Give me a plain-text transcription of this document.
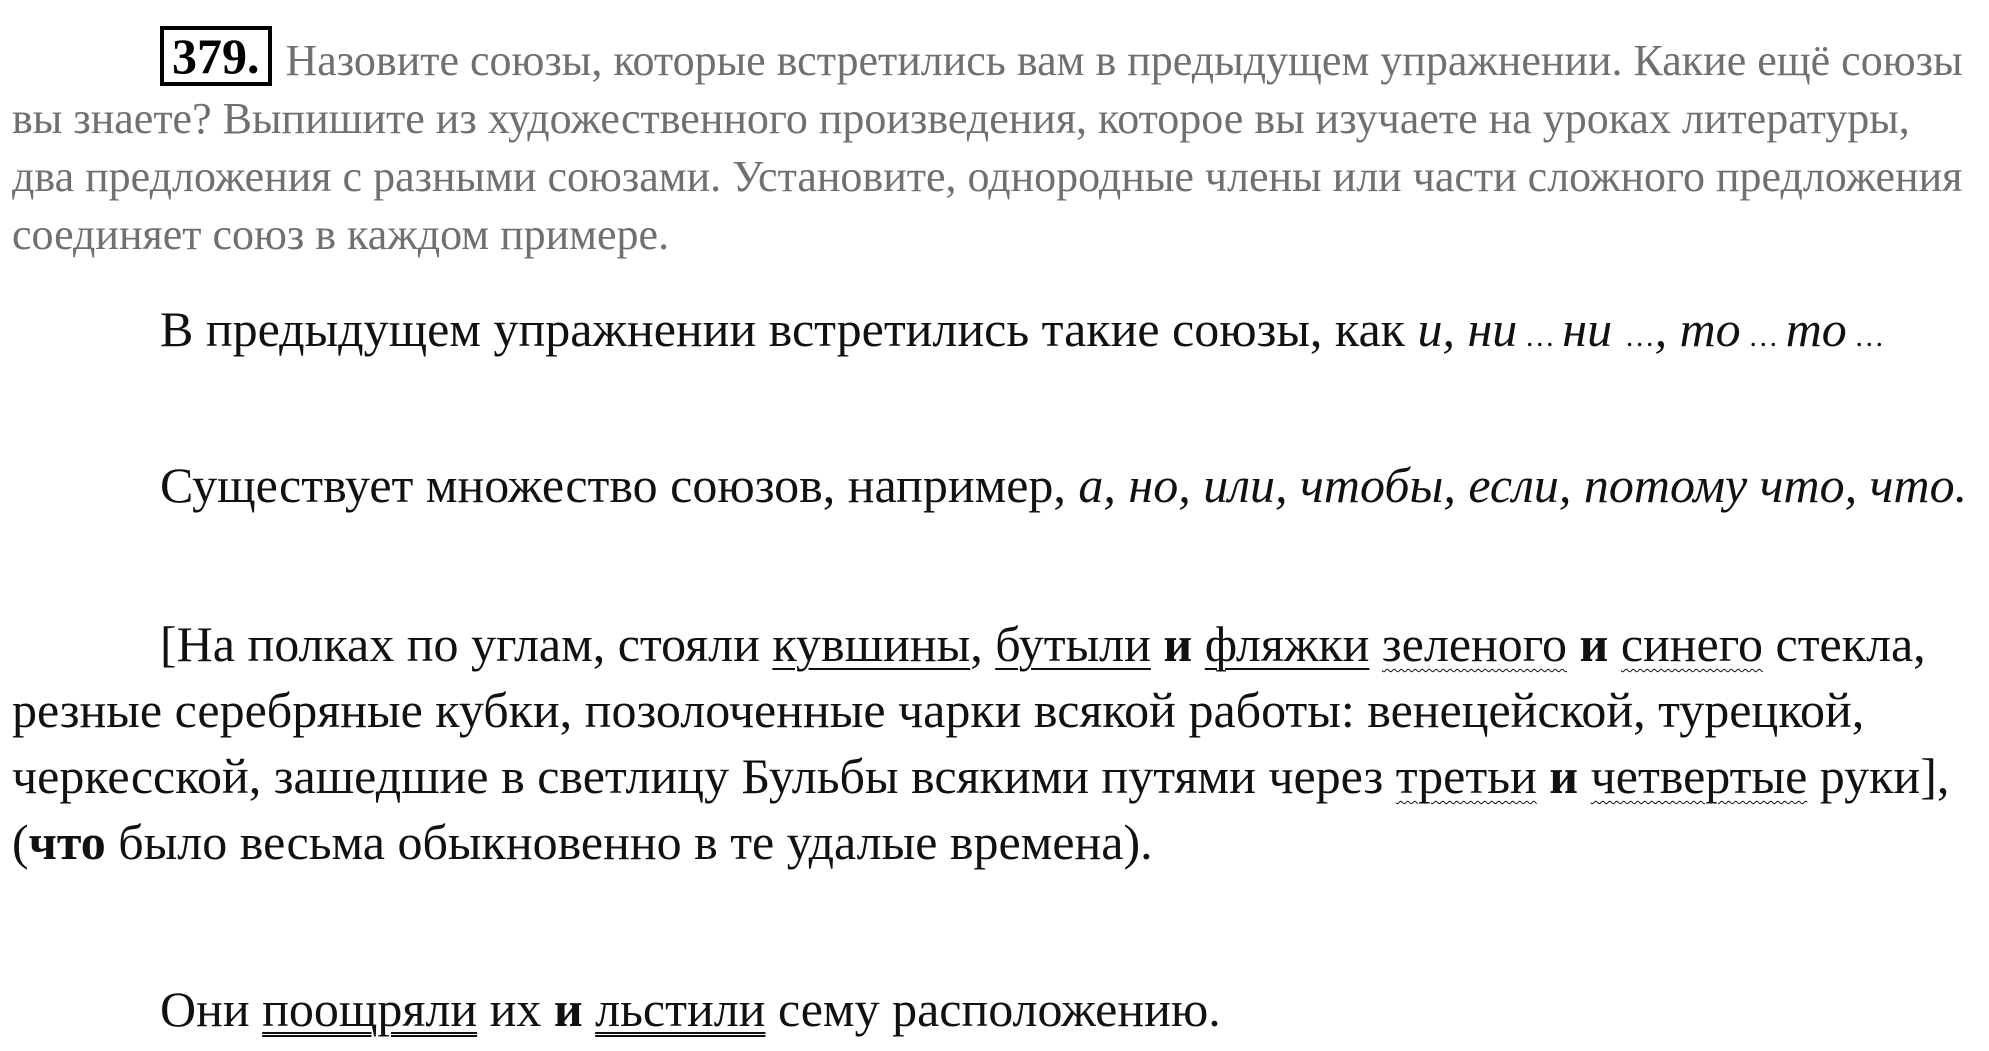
379. Назовите союзы, которые встретились вам в предыдущем упражнении. Какие ещё союзы вы знаете? Выпишите из художественного произведения, которое вы изучаете на уроках литературы, два предложения с разными союзами. Установите, однородные члены или части сложного предложения соединяет союз в каждом примере.
В предыдущем упражнении встретились такие союзы, как и, ни … ни …, то … то …
Существует множество союзов, например, а, но, или, чтобы, если, потому что, что.
[На полках по углам, стояли кувшины, бутыли и фляжки зеленого и синего стекла, резные серебряные кубки, позолоченные чарки всякой работы: венецейской, турецкой, черкесской, зашедшие в светлицу Бульбы всякими путями через третьи и четвертые руки], (что было весьма обыкновенно в те удалые времена).
Они поощряли их и льстили сему расположению.
